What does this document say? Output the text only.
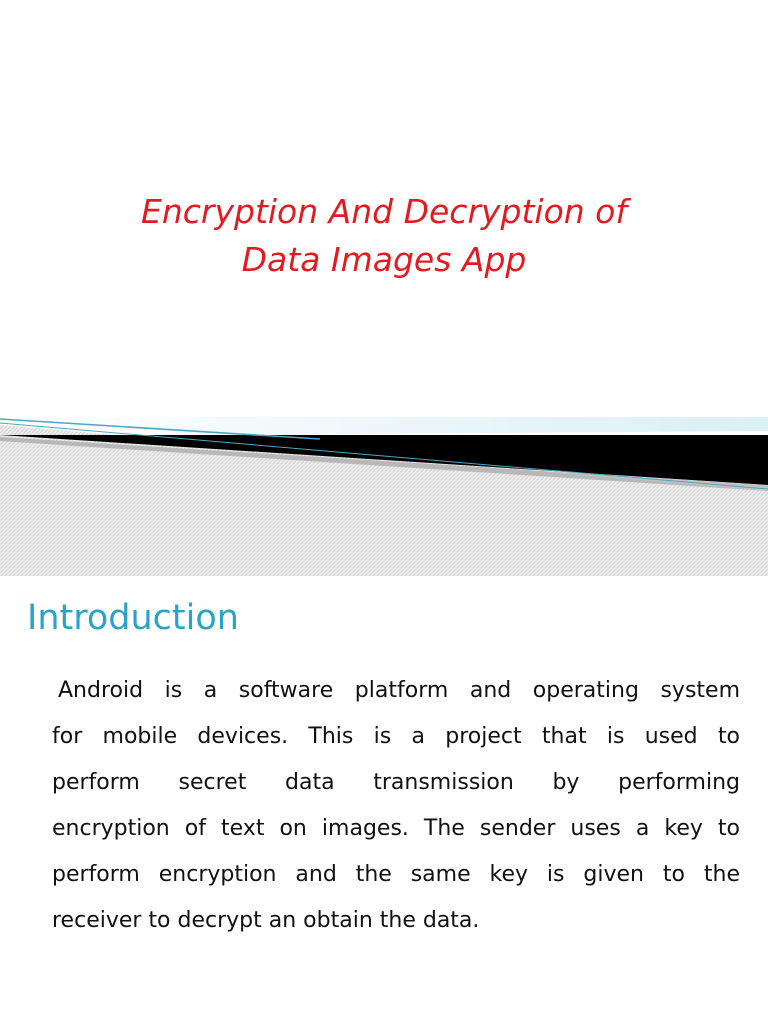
Encryption And Decryption of
Data Images App
Introduction

Android is a software platform and operating system
for mobile devices. This is a project that is used to
perform secret data transmission by performing
encryption of text on images. The sender uses a key to
perform encryption and the same key is given to the
receiver to decrypt an obtain the data.
